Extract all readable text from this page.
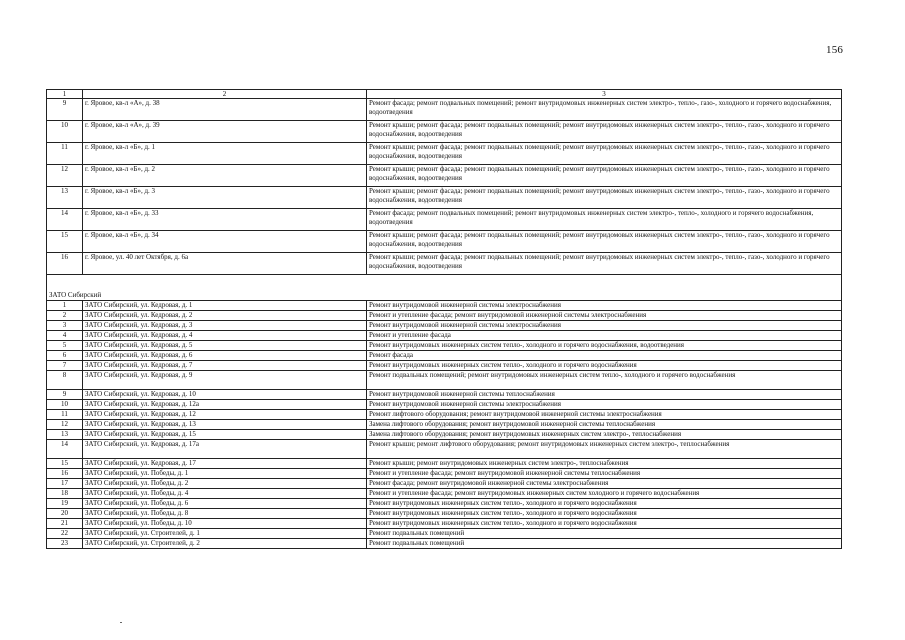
156
1	2	3
9	г. Яровое, кв-л «А», д. 38	Ремонт фасада; ремонт подвальных помещений; ремонт внутридомовых инженерных систем электро-, тепло-, газо-, холодного и горячего водоснабжения, водоотведения
10	г. Яровое, кв-л «А», д. 39	Ремонт крыши; ремонт фасада; ремонт подвальных помещений; ремонт внутридомовых инженерных систем электро-, тепло-, газо-, холодного и горячего водоснабжения, водоотведения
11	г. Яровое, кв-л «Б», д. 1	Ремонт крыши; ремонт фасада; ремонт подвальных помещений; ремонт внутридомовых инженерных систем электро-, тепло-, газо-, холодного и горячего водоснабжения, водоотведения
12	г. Яровое, кв-л «Б», д. 2	Ремонт крыши; ремонт фасада; ремонт подвальных помещений; ремонт внутридомовых инженерных систем электро-, тепло-, газо-, холодного и горячего водоснабжения, водоотведения
13	г. Яровое, кв-л «Б», д. 3	Ремонт крыши; ремонт фасада; ремонт подвальных помещений; ремонт внутридомовых инженерных систем электро-, тепло-, газо-, холодного и горячего водоснабжения, водоотведения
14	г. Яровое, кв-л «Б», д. 33	Ремонт фасада; ремонт подвальных помещений; ремонт внутридомовых инженерных систем электро-, тепло-, холодного и горячего водоснабжения, водоотведения
15	г. Яровое, кв-л «Б», д. 34	Ремонт крыши; ремонт фасада; ремонт подвальных помещений; ремонт внутридомовых инженерных систем электро-, тепло-, газо-, холодного и горячего водоснабжения, водоотведения
16	г. Яровое, ул. 40 лет Октября, д. 6а	Ремонт крыши; ремонт фасада; ремонт подвальных помещений; ремонт внутридомовых инженерных систем электро-, тепло-, газо-, холодного и горячего водоснабжения, водоотведения
ЗАТО Сибирский		
1	ЗАТО Сибирский, ул. Кедровая, д. 1	Ремонт внутридомовой инженерной системы электроснабжения
2	ЗАТО Сибирский, ул. Кедровая, д. 2	Ремонт и утепление фасада; ремонт внутридомовой инженерной системы электроснабжения
3	ЗАТО Сибирский, ул. Кедровая, д. 3	Ремонт внутридомовой инженерной системы электроснабжения
4	ЗАТО Сибирский, ул. Кедровая, д. 4	Ремонт и утепление фасада
5	ЗАТО Сибирский, ул. Кедровая, д. 5	Ремонт внутридомовых инженерных систем тепло-, холодного и горячего водоснабжения, водоотведения
6	ЗАТО Сибирский, ул. Кедровая, д. 6	Ремонт фасада
7	ЗАТО Сибирский, ул. Кедровая, д. 7	Ремонт внутридомовых инженерных систем тепло-, холодного и горячего водоснабжения
8	ЗАТО Сибирский, ул. Кедровая, д. 9	Ремонт подвальных помещений; ремонт внутридомовых инженерных систем тепло-, холодного и горячего водоснабжения
9	ЗАТО Сибирский, ул. Кедровая, д. 10	Ремонт внутридомовой инженерной системы теплоснабжения
10	ЗАТО Сибирский, ул. Кедровая, д. 12а	Ремонт внутридомовой инженерной системы электроснабжения
11	ЗАТО Сибирский, ул. Кедровая, д. 12	Ремонт лифтового оборудования; ремонт внутридомовой инженерной системы электроснабжения
12	ЗАТО Сибирский, ул. Кедровая, д. 13	Замена лифтового оборудования; ремонт внутридомовой инженерной системы теплоснабжения
13	ЗАТО Сибирский, ул. Кедровая, д. 15	Замена лифтового оборудования; ремонт внутридомовых инженерных систем электро-, теплоснабжения
14	ЗАТО Сибирский, ул. Кедровая, д. 17а	Ремонт крыши; ремонт лифтового оборудования; ремонт внутридомовых инженерных систем электро-, теплоснабжения
15	ЗАТО Сибирский, ул. Кедровая, д. 17	Ремонт крыши; ремонт внутридомовых инженерных систем электро-, теплоснабжения
16	ЗАТО Сибирский, ул. Победы, д. 1	Ремонт и утепление фасада; ремонт внутридомовой инженерной системы теплоснабжения
17	ЗАТО Сибирский, ул. Победы, д. 2	Ремонт фасада; ремонт внутридомовой инженерной системы электроснабжения
18	ЗАТО Сибирский, ул. Победы, д. 4	Ремонт и утепление фасада; ремонт внутридомовых инженерных систем холодного и горячего водоснабжения
19	ЗАТО Сибирский, ул. Победы, д. 6	Ремонт внутридомовых инженерных систем тепло-, холодного и горячего водоснабжения
20	ЗАТО Сибирский, ул. Победы, д. 8	Ремонт внутридомовых инженерных систем тепло-, холодного и горячего водоснабжения
21	ЗАТО Сибирский, ул. Победы, д. 10	Ремонт внутридомовых инженерных систем тепло-, холодного и горячего водоснабжения
22	ЗАТО Сибирский, ул. Строителей, д. 1	Ремонт подвальных помещений
23	ЗАТО Сибирский, ул. Строителей, д. 2	Ремонт подвальных помещений
